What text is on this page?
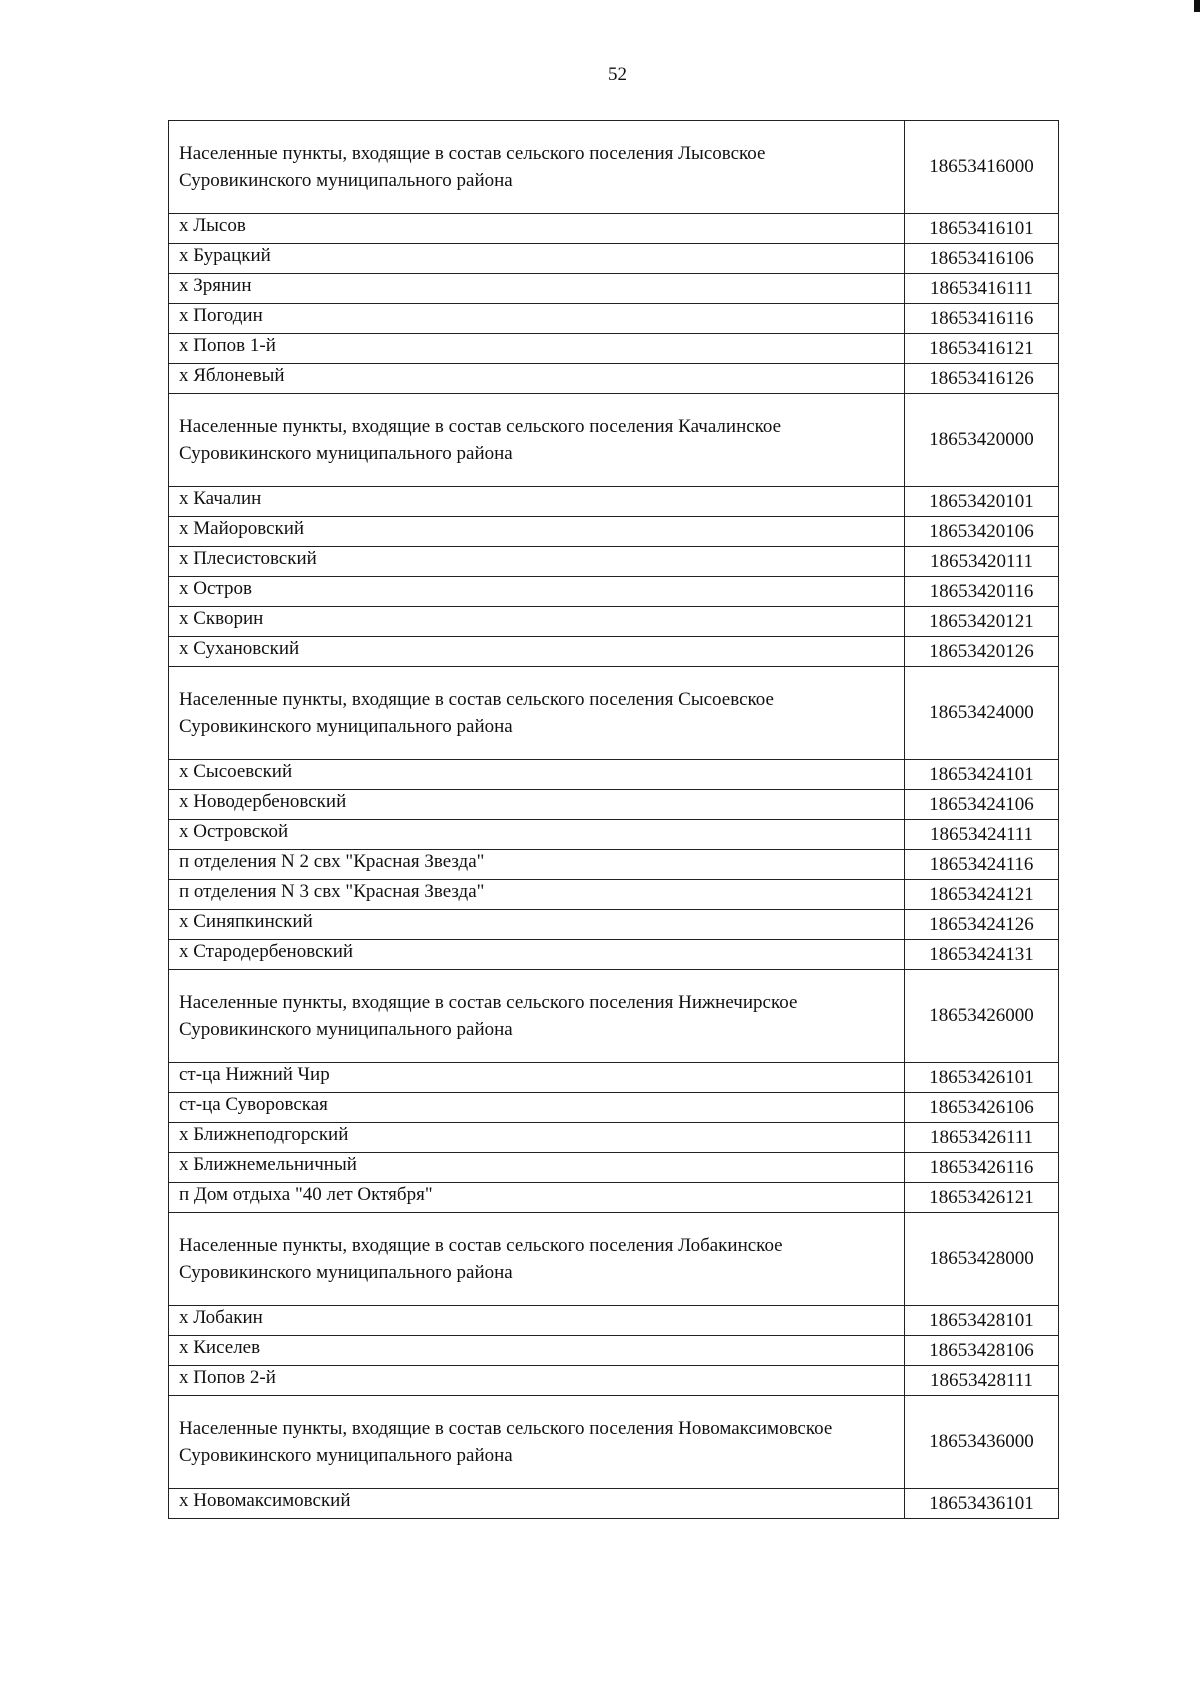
52
Населенные пункты, входящие в состав сельского поселения Лысовское Суровикинского муниципального района	18653416000
х Лысов	18653416101
х Бурацкий	18653416106
х Зрянин	18653416111
х Погодин	18653416116
х Попов 1-й	18653416121
х Яблоневый	18653416126
Населенные пункты, входящие в состав сельского поселения Качалинское Суровикинского муниципального района	18653420000
х Качалин	18653420101
х Майоровский	18653420106
х Плесистовский	18653420111
х Остров	18653420116
х Скворин	18653420121
х Сухановский	18653420126
Населенные пункты, входящие в состав сельского поселения Сысоевское Суровикинского муниципального района	18653424000
х Сысоевский	18653424101
х Новодербеновский	18653424106
х Островской	18653424111
п отделения N 2 свх "Красная Звезда"	18653424116
п отделения N 3 свх "Красная Звезда"	18653424121
х Синяпкинский	18653424126
х Стародербеновский	18653424131
Населенные пункты, входящие в состав сельского поселения Нижнечирское Суровикинского муниципального района	18653426000
ст-ца Нижний Чир	18653426101
ст-ца Суворовская	18653426106
х Ближнеподгорский	18653426111
х Ближнемельничный	18653426116
п Дом отдыха "40 лет Октября"	18653426121
Населенные пункты, входящие в состав сельского поселения Лобакинское Суровикинского муниципального района	18653428000
х Лобакин	18653428101
х Киселев	18653428106
х Попов 2-й	18653428111
Населенные пункты, входящие в состав сельского поселения Новомаксимовское Суровикинского муниципального района	18653436000
х Новомаксимовский	18653436101
